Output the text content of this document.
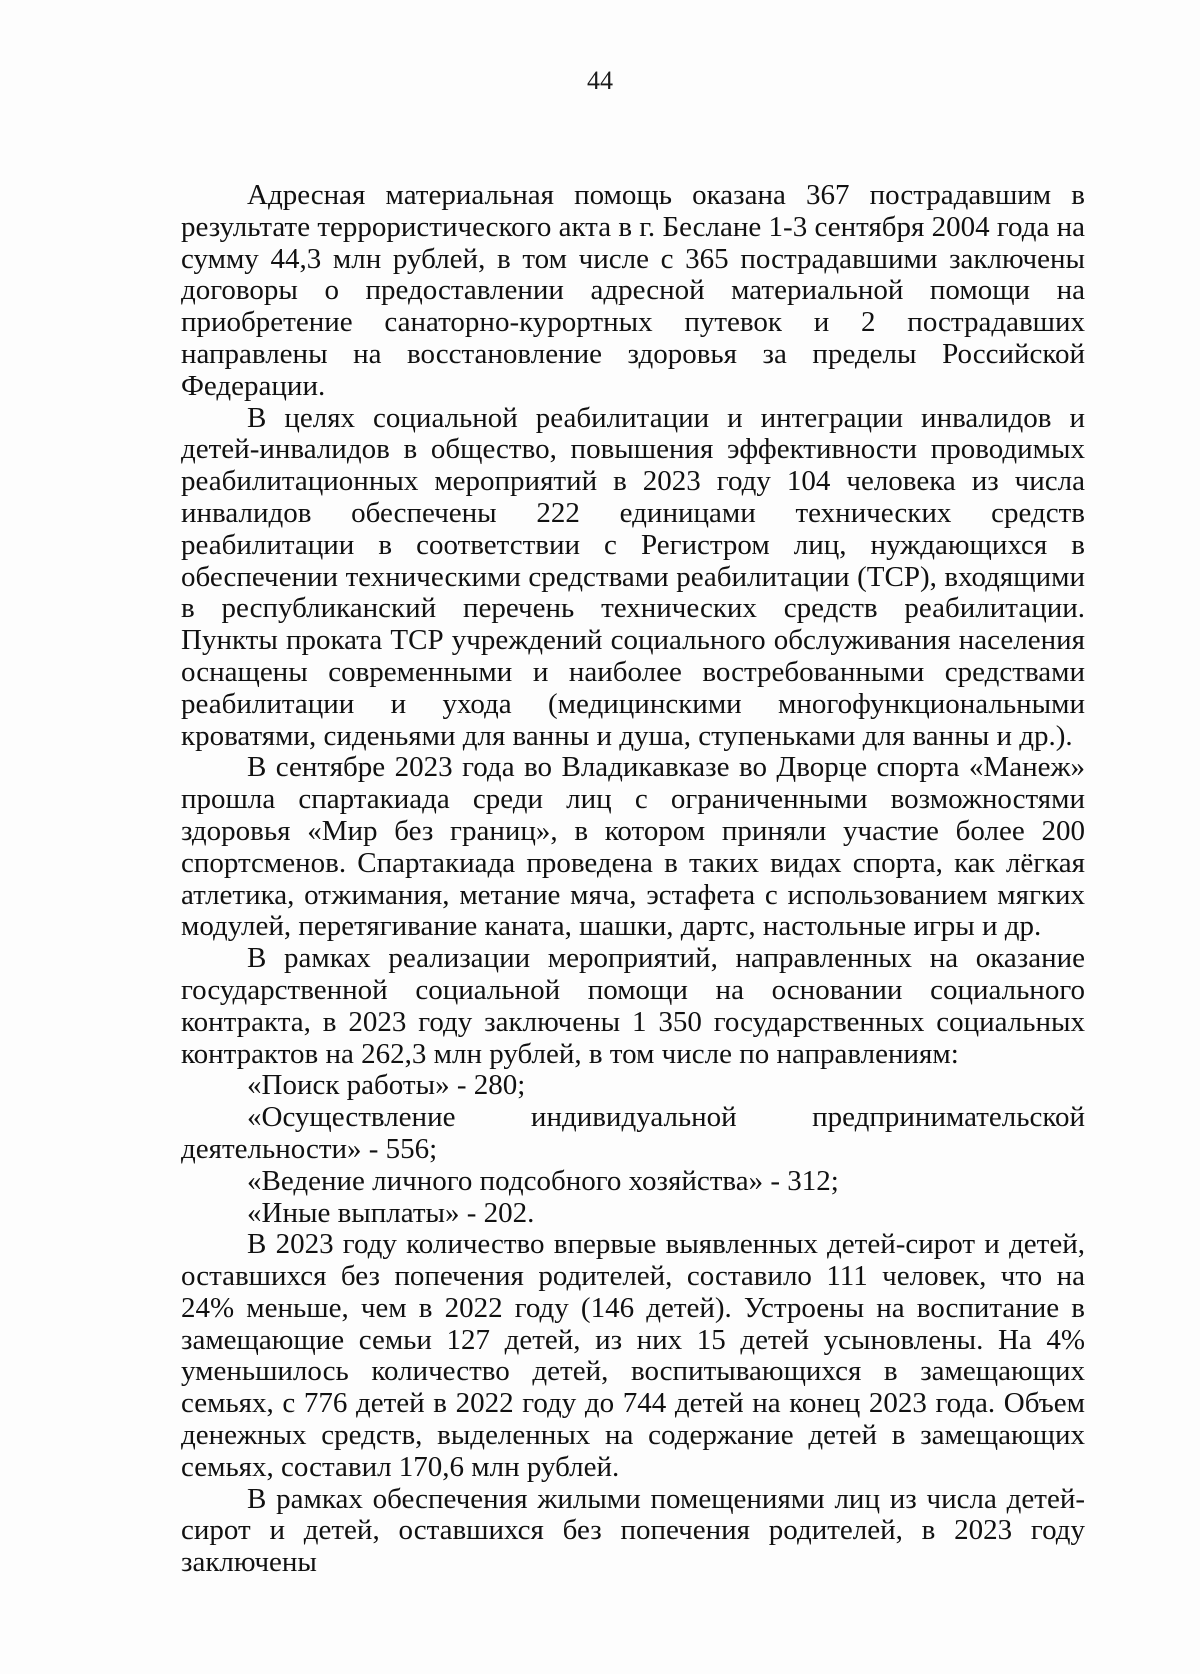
44

Адресная материальная помощь оказана 367 пострадавшим в результате террористического акта в г. Беслане 1-3 сентября 2004 года на сумму 44,3 млн рублей, в том числе с 365 пострадавшими заключены договоры о предоставлении адресной материальной помощи на приобретение санаторно-курортных путевок и 2 пострадавших направлены на восстановление здоровья за пределы Российской Федерации.

В целях социальной реабилитации и интеграции инвалидов и детей-инвалидов в общество, повышения эффективности проводимых реабилитационных мероприятий в 2023 году 104 человека из числа инвалидов обеспечены 222 единицами технических средств реабилитации в соответствии с Регистром лиц, нуждающихся в обеспечении техническими средствами реабилитации (ТСР), входящими в республиканский перечень технических средств реабилитации. Пункты проката ТСР учреждений социального обслуживания населения оснащены современными и наиболее востребованными средствами реабилитации и ухода (медицинскими многофункциональными кроватями, сиденьями для ванны и душа, ступеньками для ванны и др.).

В сентябре 2023 года во Владикавказе во Дворце спорта «Манеж» прошла спартакиада среди лиц с ограниченными возможностями здоровья «Мир без границ», в котором приняли участие более 200 спортсменов. Спартакиада проведена в таких видах спорта, как лёгкая атлетика, отжимания, метание мяча, эстафета с использованием мягких модулей, перетягивание каната, шашки, дартс, настольные игры и др.

В рамках реализации мероприятий, направленных на оказание государственной социальной помощи на основании социального контракта, в 2023 году заключены 1 350 государственных социальных контрактов на 262,3 млн рублей, в том числе по направлениям:

«Поиск работы» - 280;

«Осуществление индивидуальной предпринимательской деятельности» - 556;

«Ведение личного подсобного хозяйства» - 312;

«Иные выплаты» - 202.

В 2023 году количество впервые выявленных детей-сирот и детей, оставшихся без попечения родителей, составило 111 человек, что на 24% меньше, чем в 2022 году (146 детей). Устроены на воспитание в замещающие семьи 127 детей, из них 15 детей усыновлены. На 4% уменьшилось количество детей, воспитывающихся в замещающих семьях, с 776 детей в 2022 году до 744 детей на конец 2023 года. Объем денежных средств, выделенных на содержание детей в замещающих семьях, составил 170,6 млн рублей.

В рамках обеспечения жилыми помещениями лиц из числа детей-сирот и детей, оставшихся без попечения родителей, в 2023 году заключены
